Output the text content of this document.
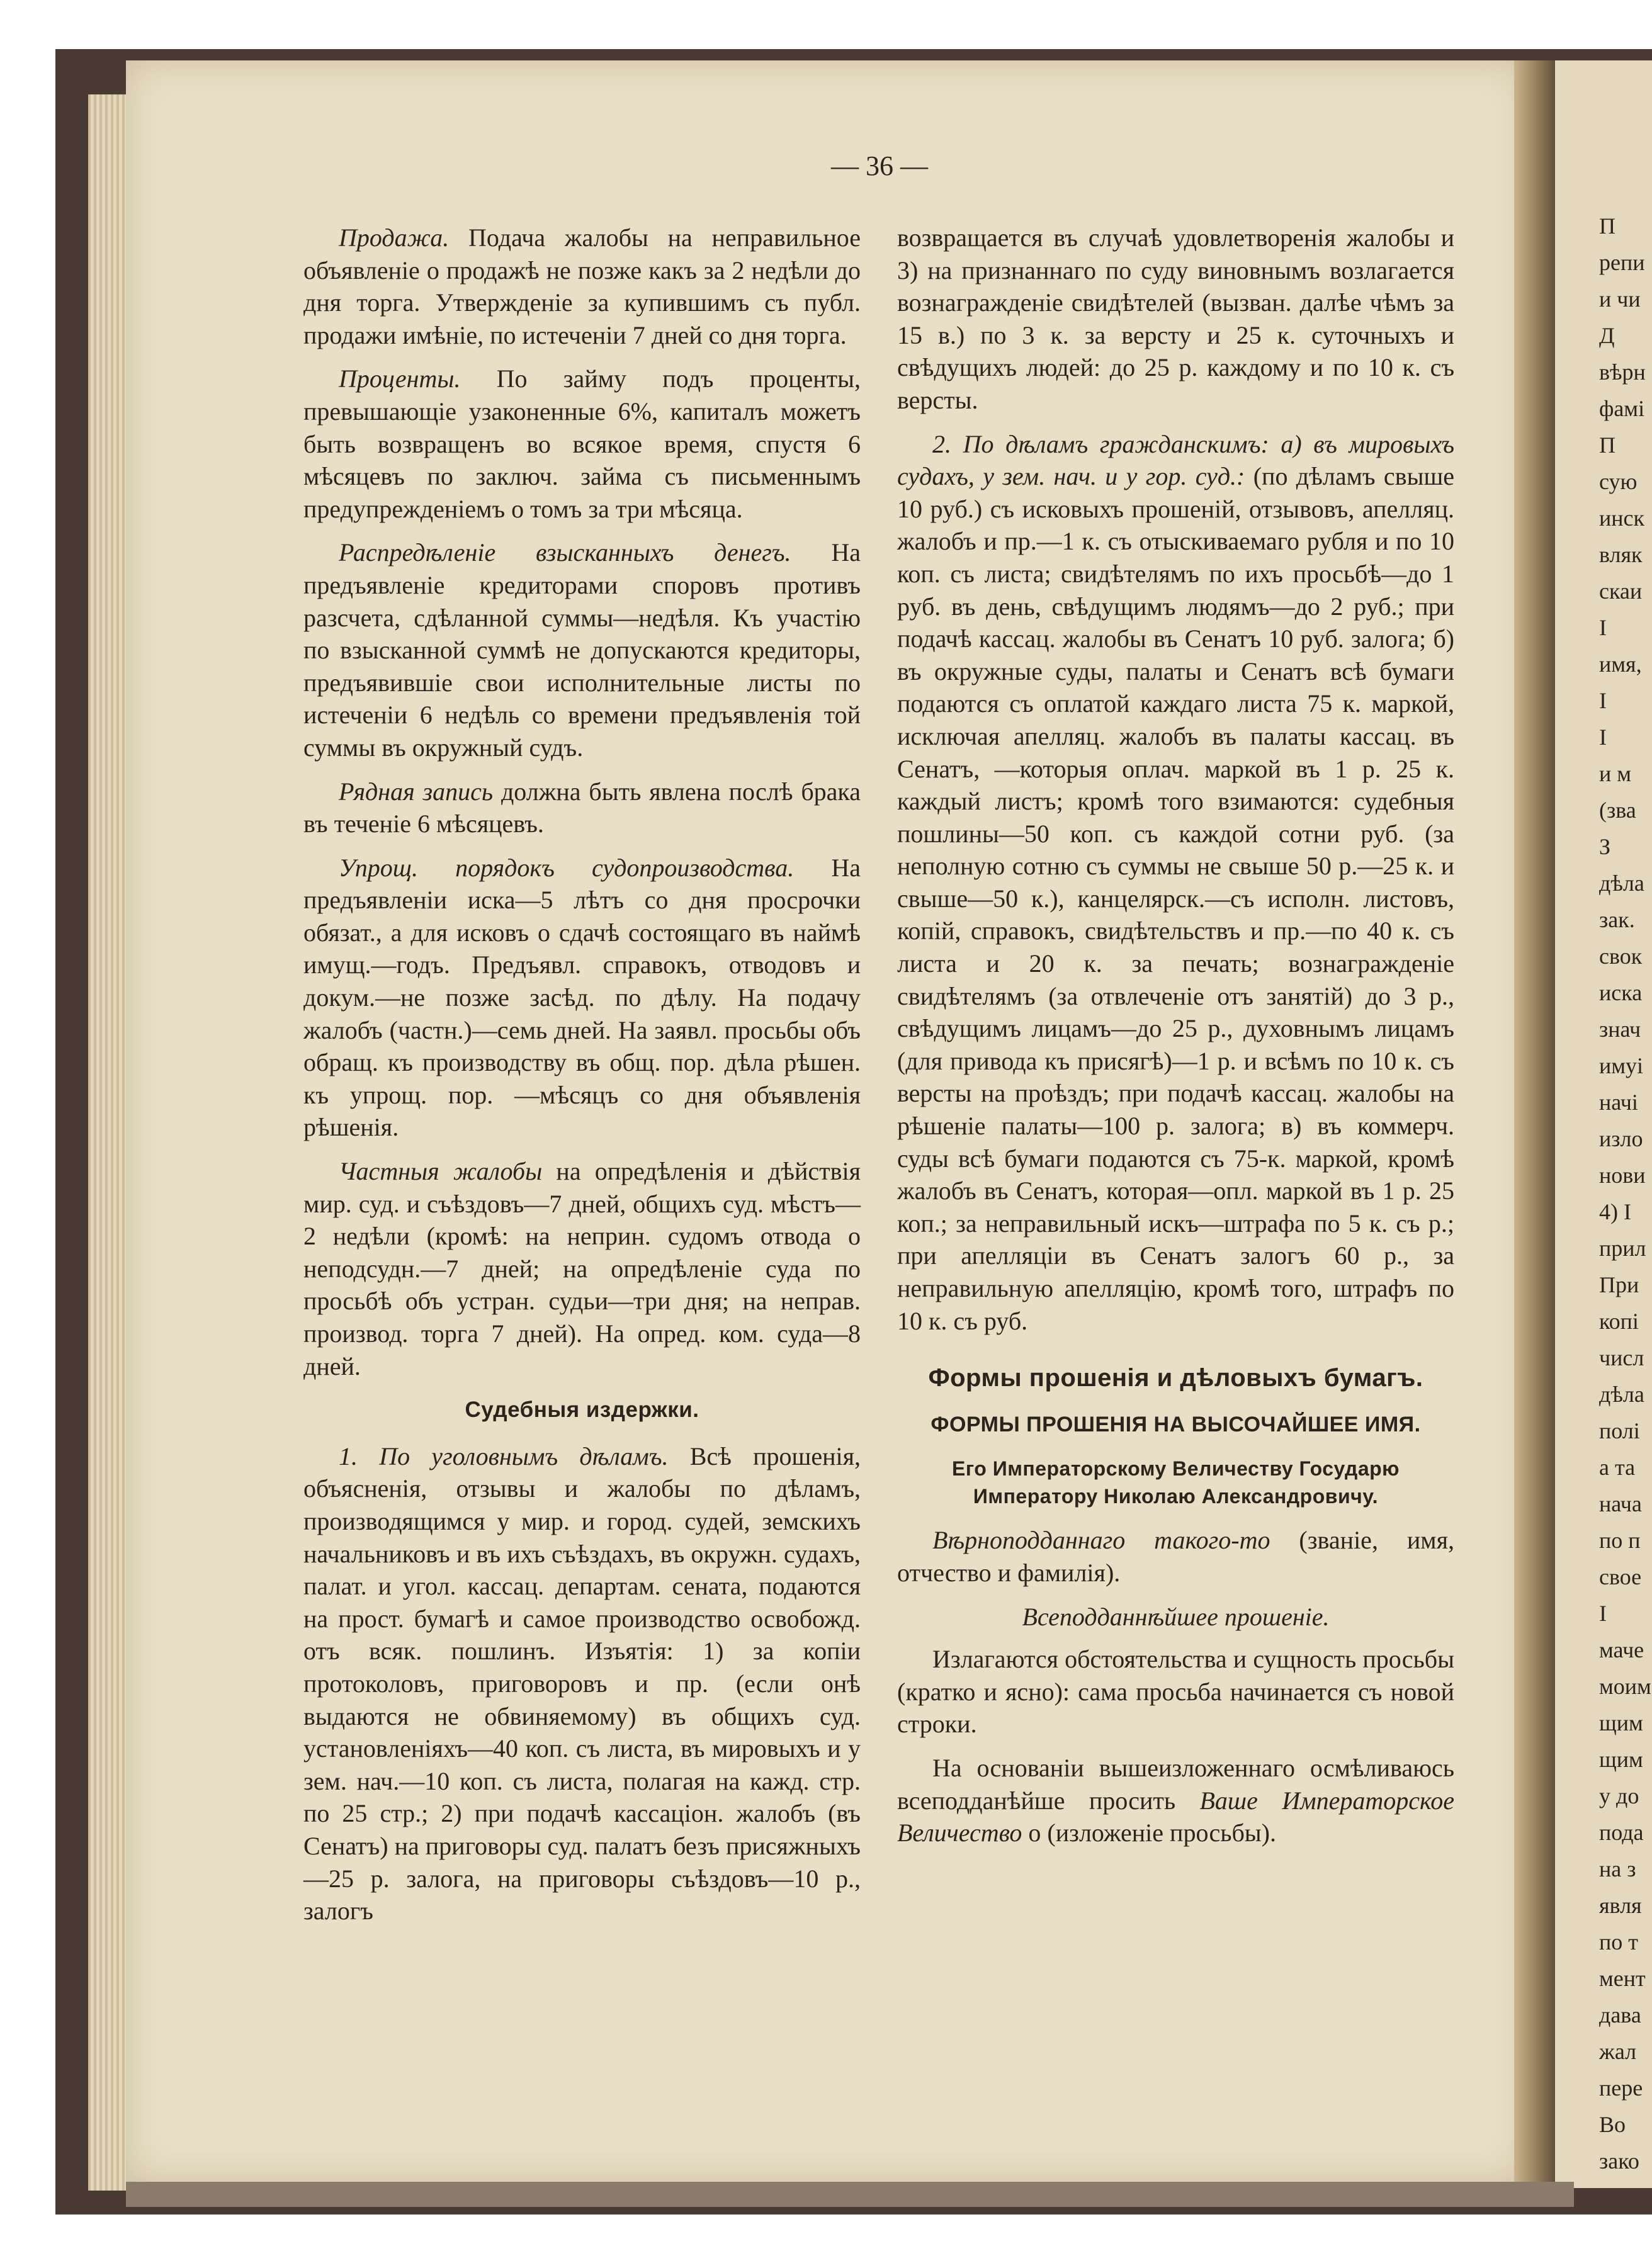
П
репи
и чи
Д
вѣрн
фамі
П
сую
инск
вляк
скаи
І
имя,
І
І
и м
(зва
З
дѣла
зак.
свок
иска
знач
имуі
начі
изло
нови
4) І
прил
При
копі
числ
дѣла
полі
а та
нача
по п
свое
І
маче
моим
щим
щим
у до
пода
на з
явля
по т
мент
дава
жал
пере
Во
зако
— 36 —

Продажа. Подача жалобы на неправильное объявленіе о продажѣ не позже какъ за 2 недѣли до дня торга. Утвержденіе за купившимъ съ публ. продажи имѣніе, по истеченіи 7 дней со дня торга.

Проценты. По займу подъ проценты, превышающіе узаконенные 6%, капиталъ можетъ быть возвращенъ во всякое время, спустя 6 мѣсяцевъ по заключ. займа съ письменнымъ предупрежденіемъ о томъ за три мѣсяца.

Распредѣленіе взысканныхъ денегъ. На предъявленіе кредиторами споровъ противъ разсчета, сдѣланной суммы—недѣля. Къ участію по взысканной суммѣ не допускаются кредиторы, предъявившіе свои исполнительные листы по истеченіи 6 недѣль со времени предъявленія той суммы въ окружный судъ.

Рядная запись должна быть явлена послѣ брака въ теченіе 6 мѣсяцевъ.

Упрощ. порядокъ судопроизводства. На предъявленіи иска—5 лѣтъ со дня просрочки обязат., а для исковъ о сдачѣ состоящаго въ наймѣ имущ.—годъ. Предъявл. справокъ, отводовъ и докум.—не позже засѣд. по дѣлу. На подачу жалобъ (частн.)—семь дней. На заявл. просьбы объ обращ. къ производству въ общ. пор. дѣла рѣшен. къ упрощ. пор. —мѣсяцъ со дня объявленія рѣшенія.

Частныя жалобы на опредѣленія и дѣйствія мир. суд. и съѣздовъ—7 дней, общихъ суд. мѣстъ—2 недѣли (кромѣ: на неприн. судомъ отвода о неподсудн.—7 дней; на опредѣленіе суда по просьбѣ объ устран. судьи—три дня; на неправ. производ. торга 7 дней). На опред. ком. суда—8 дней.

Судебныя издержки.

1. По уголовнымъ дѣламъ. Всѣ прошенія, объясненія, отзывы и жалобы по дѣламъ, производящимся у мир. и город. судей, земскихъ начальниковъ и въ ихъ съѣздахъ, въ окружн. судахъ, палат. и угол. кассац. департам. сената, подаются на прост. бумагѣ и самое производство освобожд. отъ всяк. пошлинъ. Изъятія: 1) за копіи протоколовъ, приговоровъ и пр. (если онѣ выдаются не обвиняемому) въ общихъ суд. установленіяхъ—40 коп. съ листа, въ мировыхъ и у зем. нач.—10 коп. съ листа, полагая на кажд. стр. по 25 стр.; 2) при подачѣ кассаціон. жалобъ (въ Сенатъ) на приговоры суд. палатъ безъ присяжныхъ—25 р. залога, на приговоры съѣздовъ—10 р., залогъ

возвращается въ случаѣ удовлетворенія жалобы и 3) на признаннаго по суду виновнымъ возлагается вознагражденіе свидѣтелей (вызван. далѣе чѣмъ за 15 в.) по 3 к. за версту и 25 к. суточныхъ и свѣдущихъ людей: до 25 р. каждому и по 10 к. съ версты.

2. По дѣламъ гражданскимъ: а) въ мировыхъ судахъ, у зем. нач. и у гор. суд.: (по дѣламъ свыше 10 руб.) съ исковыхъ прошеній, отзывовъ, апелляц. жалобъ и пр.—1 к. съ отыскиваемаго рубля и по 10 коп. съ листа; свидѣтелямъ по ихъ просьбѣ—до 1 руб. въ день, свѣдущимъ людямъ—до 2 руб.; при подачѣ кассац. жалобы въ Сенатъ 10 руб. залога; б) въ окружные суды, палаты и Сенатъ всѣ бумаги подаются съ оплатой каждаго листа 75 к. маркой, исключая апелляц. жалобъ въ палаты кассац. въ Сенатъ, —которыя оплач. маркой въ 1 р. 25 к. каждый листъ; кромѣ того взимаются: судебныя пошлины—50 коп. съ каждой сотни руб. (за неполную сотню съ суммы не свыше 50 р.—25 к. и свыше—50 к.), канцелярск.—съ исполн. листовъ, копій, справокъ, свидѣтельствъ и пр.—по 40 к. съ листа и 20 к. за печать; вознагражденіе свидѣтелямъ (за отвлеченіе отъ занятій) до 3 р., свѣдущимъ лицамъ—до 25 р., духовнымъ лицамъ (для привода къ присягѣ)—1 р. и всѣмъ по 10 к. съ версты на проѣздъ; при подачѣ кассац. жалобы на рѣшеніе палаты—100 р. залога; в) въ коммерч. суды всѣ бумаги подаются съ 75-к. маркой, кромѣ жалобъ въ Сенатъ, которая—опл. маркой въ 1 р. 25 коп.; за неправильный искъ—штрафа по 5 к. съ р.; при апелляціи въ Сенатъ залогъ 60 р., за неправильную апелляцію, кромѣ того, штрафъ по 10 к. съ руб.

Формы прошенія и дѣловыхъ бумагъ.
ФОРМЫ ПРОШЕНІЯ НА ВЫСОЧАЙШЕЕ ИМЯ.
Его Императорскому Величеству Государю Императору Николаю Александровичу.

Вѣрноподданнаго такого-то (званіе, имя, отчество и фамилія).

Всеподданнѣйшее прошеніе.

Излагаются обстоятельства и сущность просьбы (кратко и ясно): сама просьба начинается съ новой строки.

На основаніи вышеизложеннаго осмѣливаюсь всеподданѣйше просить Ваше Императорское Величество о (изложеніе просьбы).
